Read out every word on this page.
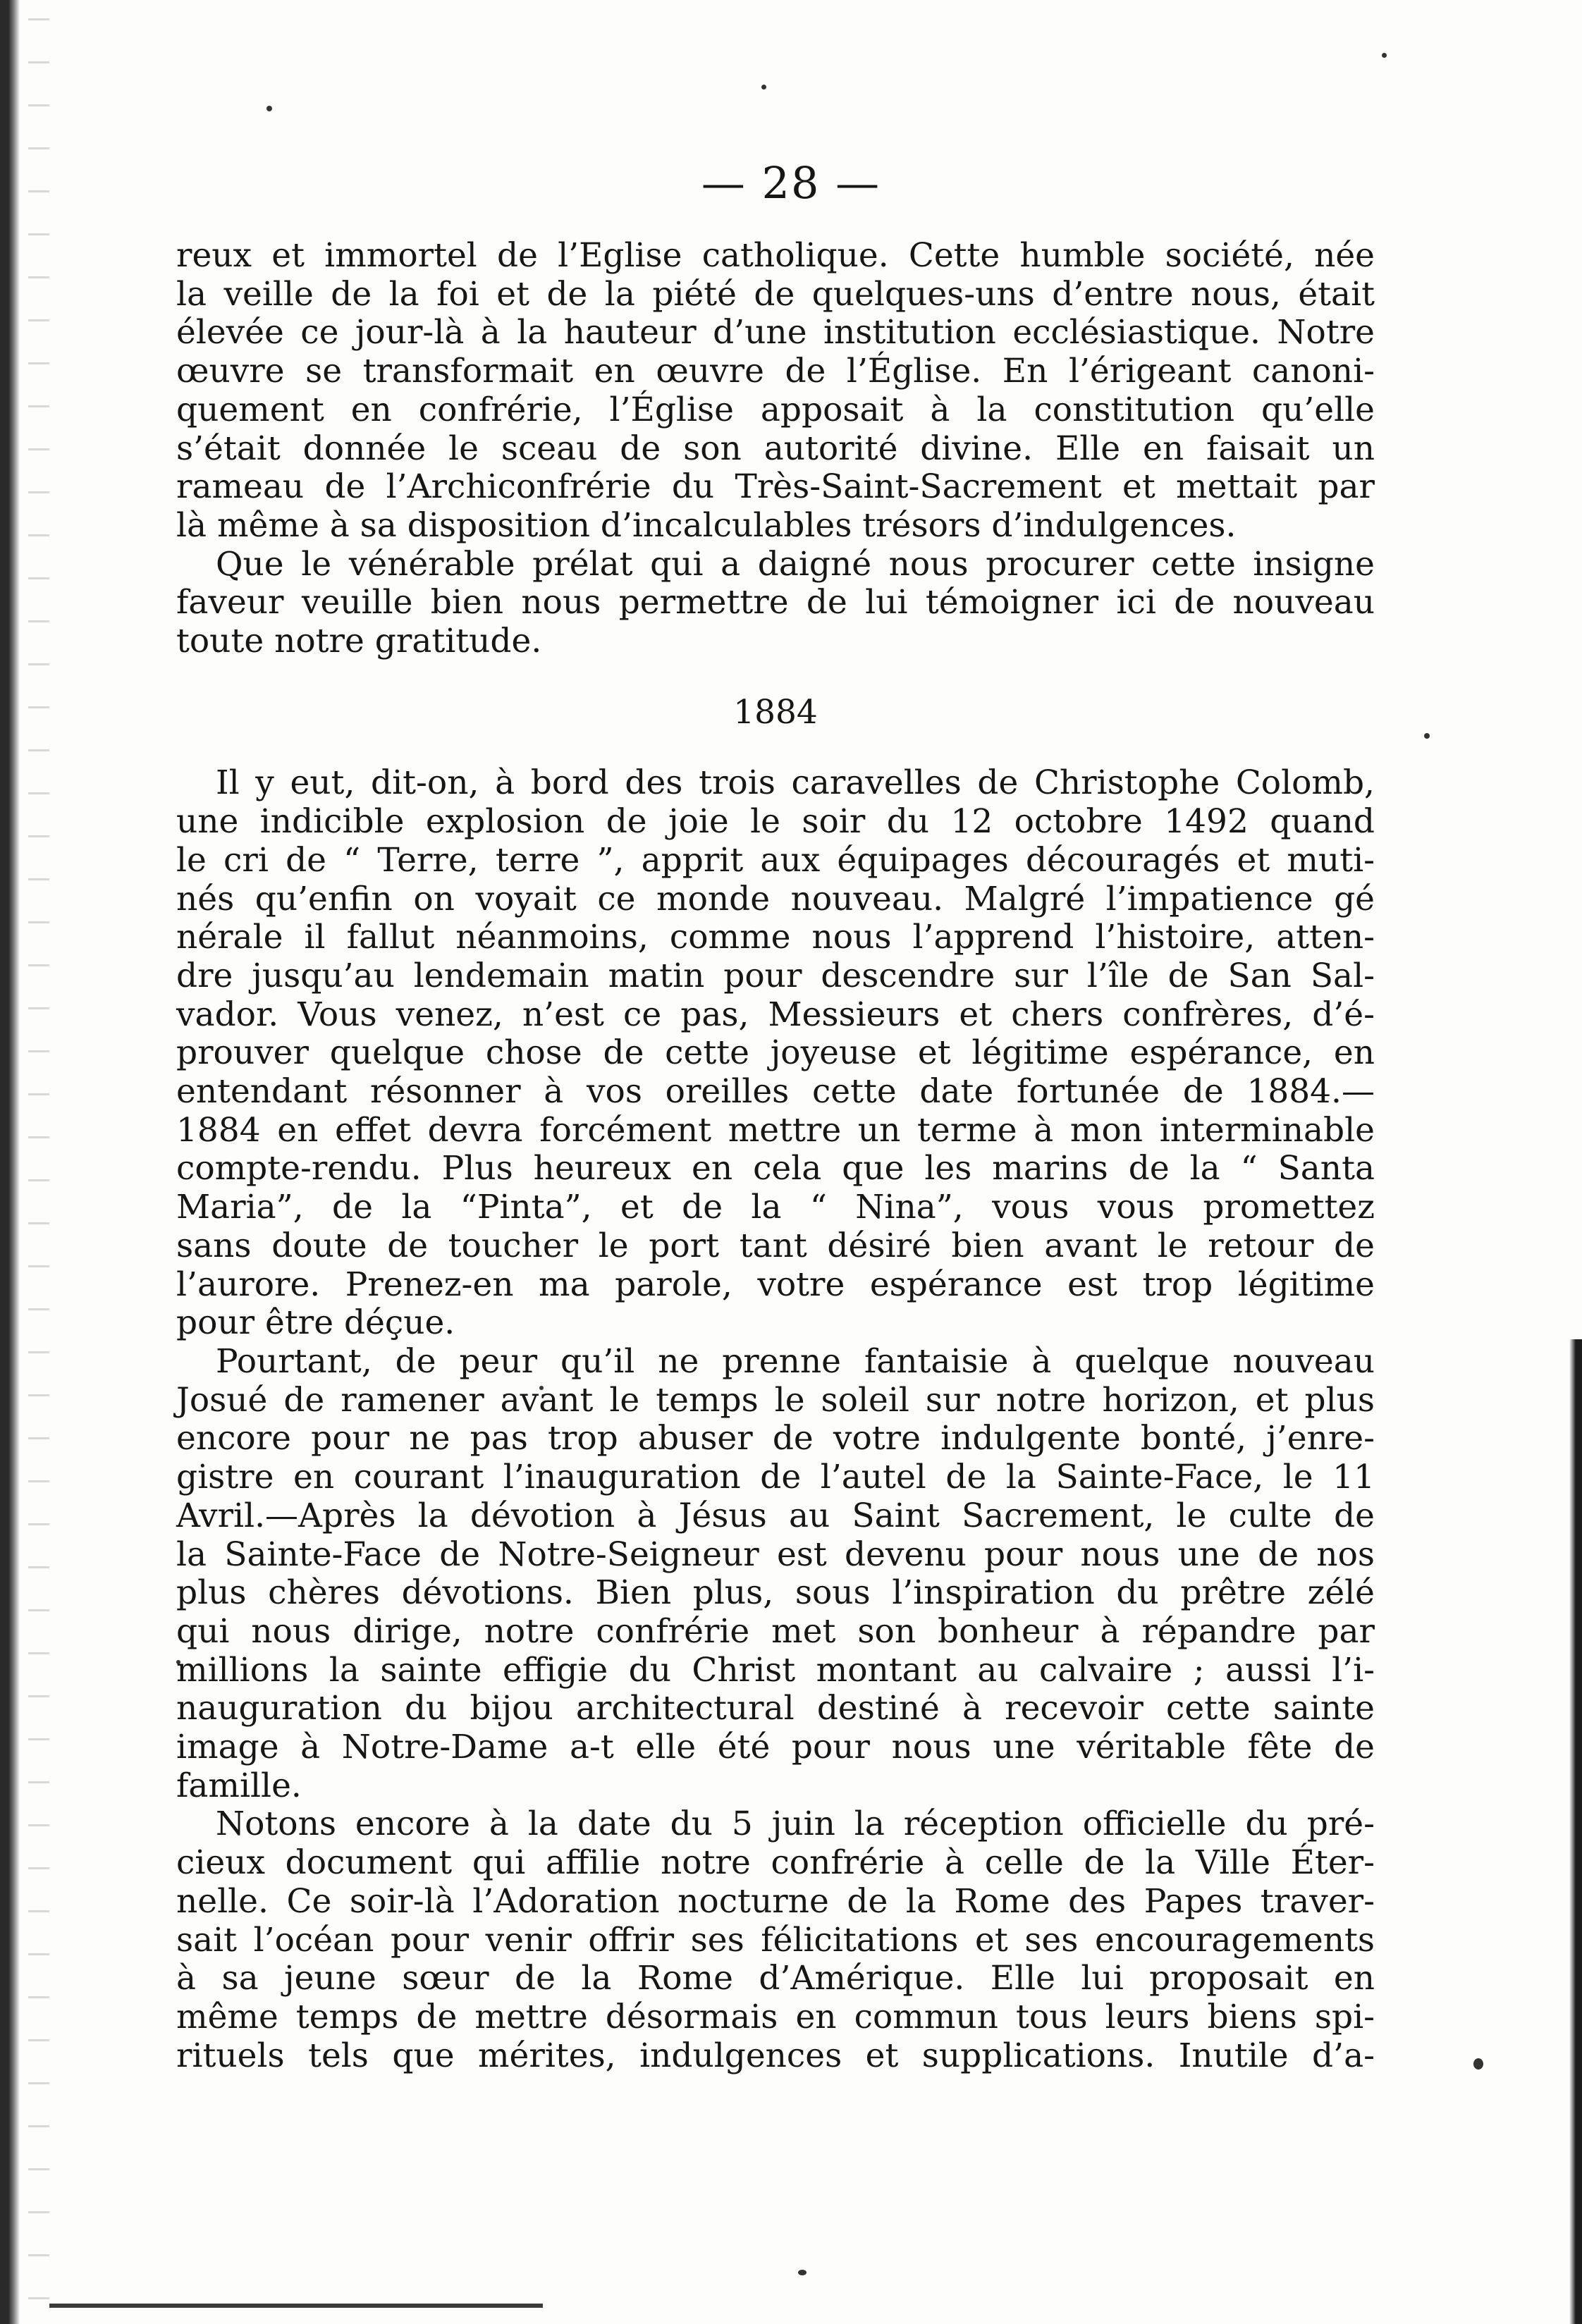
— 28 —
reux et immortel de l’Eglise catholique. Cette humble société, née
la veille de la foi et de la piété de quelques-uns d’entre nous, était
élevée ce jour-là à la hauteur d’une institution ecclésiastique. Notre
œuvre se transformait en œuvre de l’Église. En l’érigeant canoni-
quement en confrérie, l’Église apposait à la constitution qu’elle
s’était donnée le sceau de son autorité divine. Elle en faisait un
rameau de l’Archiconfrérie du Très-Saint-Sacrement et mettait par
là même à sa disposition d’incalculables trésors d’indulgences.
Que le vénérable prélat qui a daigné nous procurer cette insigne
faveur veuille bien nous permettre de lui témoigner ici de nouveau
toute notre gratitude.
1884
Il y eut, dit-on, à bord des trois caravelles de Christophe Colomb,
une indicible explosion de joie le soir du 12 octobre 1492 quand
le cri de “ Terre, terre ”, apprit aux équipages découragés et muti-
nés qu’enfin on voyait ce monde nouveau. Malgré l’impatience gé
nérale il fallut néanmoins, comme nous l’apprend l’histoire, atten-
dre jusqu’au lendemain matin pour descendre sur l’île de San Sal-
vador. Vous venez, n’est ce pas, Messieurs et chers confrères, d’é-
prouver quelque chose de cette joyeuse et légitime espérance, en
entendant résonner à vos oreilles cette date fortunée de 1884.—
1884 en effet devra forcément mettre un terme à mon interminable
compte-rendu. Plus heureux en cela que les marins de la “ Santa
Maria”, de la “Pinta”, et de la “ Nina”, vous vous promettez
sans doute de toucher le port tant désiré bien avant le retour de
l’aurore. Prenez-en ma parole, votre espérance est trop légitime
pour être déçue.
Pourtant, de peur qu’il ne prenne fantaisie à quelque nouveau
Josué de ramener avant le temps le soleil sur notre horizon, et plus
encore pour ne pas trop abuser de votre indulgente bonté, j’enre-
gistre en courant l’inauguration de l’autel de la Sainte-Face, le 11
Avril.—Après la dévotion à Jésus au Saint Sacrement, le culte de
la Sainte-Face de Notre-Seigneur est devenu pour nous une de nos
plus chères dévotions. Bien plus, sous l’inspiration du prêtre zélé
qui nous dirige, notre confrérie met son bonheur à répandre par
millions la sainte effigie du Christ montant au calvaire ; aussi l’i-
nauguration du bijou architectural destiné à recevoir cette sainte
image à Notre-Dame a-t elle été pour nous une véritable fête de
famille.
Notons encore à la date du 5 juin la réception officielle du pré-
cieux document qui affilie notre confrérie à celle de la Ville Éter-
nelle. Ce soir-là l’Adoration nocturne de la Rome des Papes traver-
sait l’océan pour venir offrir ses félicitations et ses encouragements
à sa jeune sœur de la Rome d’Amérique. Elle lui proposait en
même temps de mettre désormais en commun tous leurs biens spi-
rituels tels que mérites, indulgences et supplications. Inutile d’a-
